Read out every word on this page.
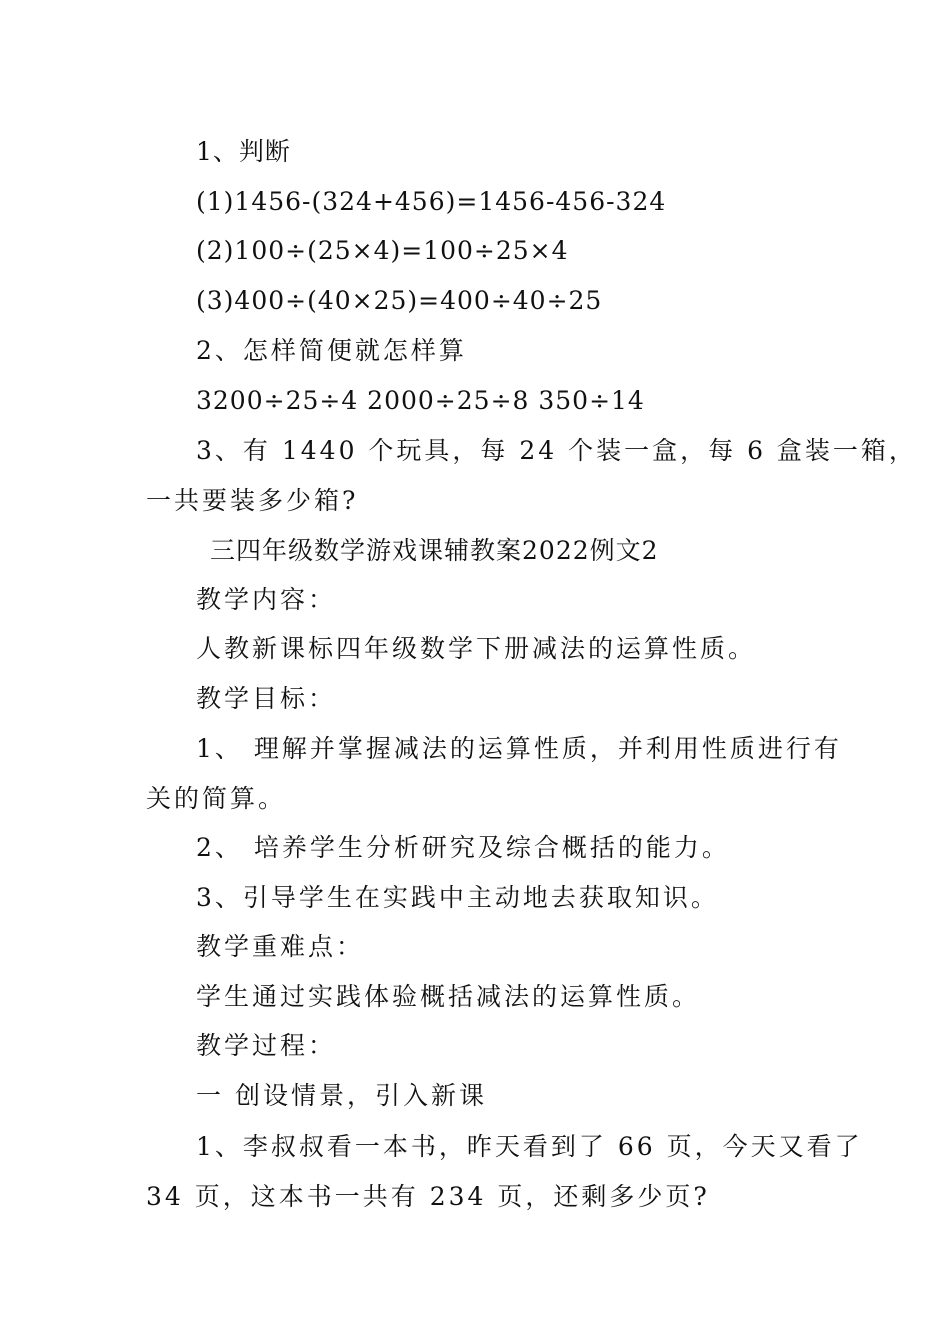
1、判断
(1)1456-(324+456)=1456-456-324
(2)100÷(25×4)=100÷25×4
(3)400÷(40×25)=400÷40÷25
2、怎样简便就怎样算
3200÷25÷4 2000÷25÷8 350÷14
3、有 1440 个玩具，每 24 个装一盒，每 6 盒装一箱，
一共要装多少箱?
三四年级数学游戏课辅教案2022例文2
教学内容：
人教新课标四年级数学下册减法的运算性质。
教学目标：
1、 理解并掌握减法的运算性质，并利用性质进行有
关的简算。
2、 培养学生分析研究及综合概括的能力。
3、引导学生在实践中主动地去获取知识。
教学重难点：
学生通过实践体验概括减法的运算性质。
教学过程：
一 创设情景，引入新课
1、李叔叔看一本书，昨天看到了 66 页，今天又看了
34 页，这本书一共有 234 页，还剩多少页?
